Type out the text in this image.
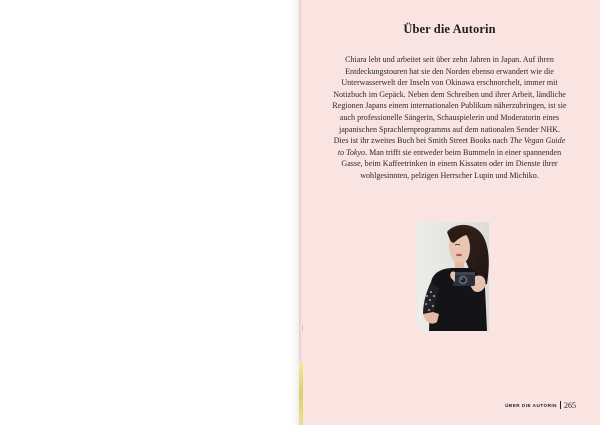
Über die Autorin

Chiara lebt und arbeitet seit über zehn Jahren in Japan. Auf ihren Entdeckungstouren hat sie den Norden ebenso erwandert wie die Unterwasserwelt der Inseln von Okinawa erschnorchelt, immer mit Notizbuch im Gepäck. Neben dem Schreiben und ihrer Arbeit, ländliche Regionen Japans einem internationalen Publikum näherzubringen, ist sie auch professionelle Sängerin, Schauspielerin und Moderatorin eines japanischen Sprachlernprogramms auf dem nationalen Sender NHK. Dies ist ihr zweites Buch bei Smith Street Books nach The Vegan Guide to Tokyo. Man trifft sie entweder beim Bummeln in einer spannenden Gasse, beim Kaffeetrinken in einem Kissaten oder im Dienste ihrer wohlgesinnten, pelzigen Herrscher Lupin und Michiko.

ÜBER DIE AUTORIN 265
